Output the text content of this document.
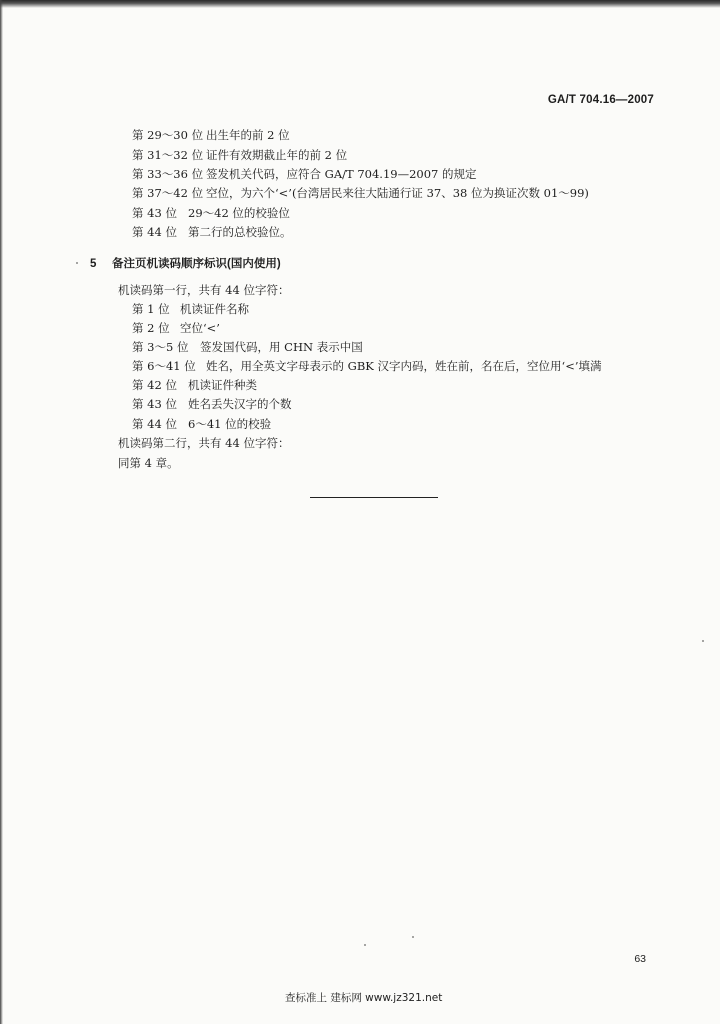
GA/T 704.16—2007
第 29～30 位 出生年的前 2 位
第 31～32 位 证件有效期截止年的前 2 位
第 33～36 位 签发机关代码，应符合 GA/T 704.19—2007 的规定
第 37～42 位 空位，为六个‘<’(台湾居民来往大陆通行证 37、38 位为换证次数 01～99)
第 43 位 29～42 位的校验位
第 44 位 第二行的总校验位。
5 备注页机读码顺序标识(国内使用)
机读码第一行，共有 44 位字符：
第 1 位 机读证件名称
第 2 位 空位‘<’
第 3～5 位 签发国代码，用 CHN 表示中国
第 6～41 位 姓名，用全英文字母表示的 GBK 汉字内码，姓在前，名在后，空位用‘<’填满
第 42 位 机读证件种类
第 43 位 姓名丢失汉字的个数
第 44 位 6～41 位的校验
机读码第二行，共有 44 位字符：
同第 4 章。
63
查标准上 建标网 www.jz321.net
